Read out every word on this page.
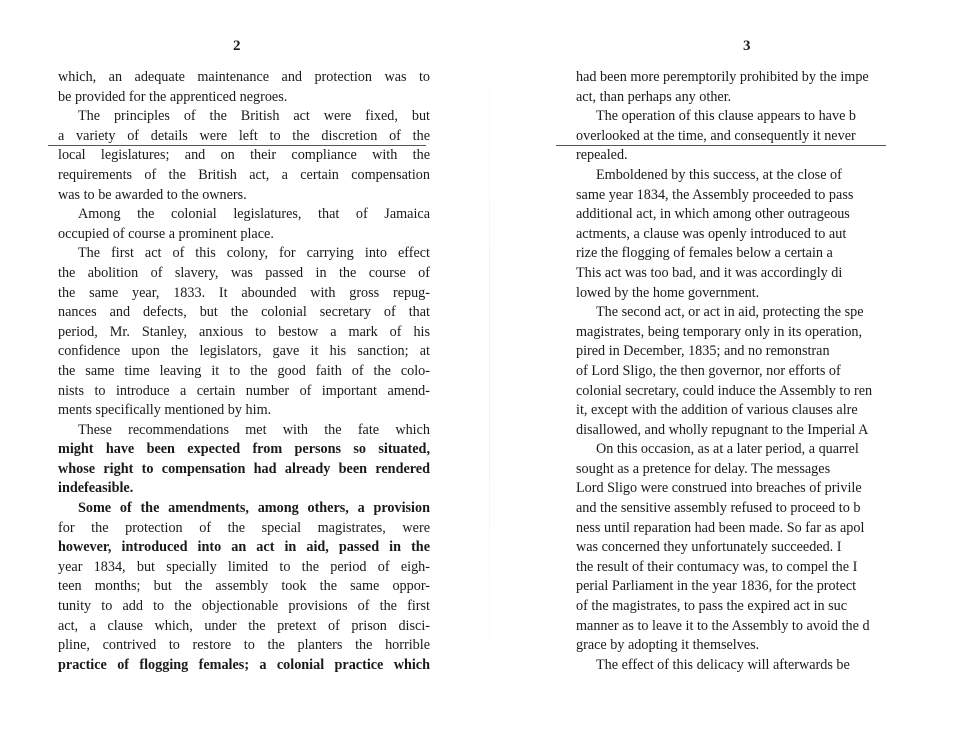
2
which, an adequate maintenance and protection was to
be provided for the apprenticed negroes.
The principles of the British act were fixed, but
a variety of details were left to the discretion of the
local legislatures; and on their compliance with the
requirements of the British act, a certain compensation
was to be awarded to the owners.
Among the colonial legislatures, that of Jamaica
occupied of course a prominent place.
The first act of this colony, for carrying into effect
the abolition of slavery, was passed in the course of
the same year, 1833. It abounded with gross repug-
nances and defects, but the colonial secretary of that
period, Mr. Stanley, anxious to bestow a mark of his
confidence upon the legislators, gave it his sanction; at
the same time leaving it to the good faith of the colo-
nists to introduce a certain number of important amend-
ments specifically mentioned by him.
These recommendations met with the fate which
might have been expected from persons so situated,
whose right to compensation had already been rendered
indefeasible.
Some of the amendments, among others, a provision
for the protection of the special magistrates, were
however, introduced into an act in aid, passed in the
year 1834, but specially limited to the period of eigh-
teen months; but the assembly took the same oppor-
tunity to add to the objectionable provisions of the first
act, a clause which, under the pretext of prison disci-
pline, contrived to restore to the planters the horrible
practice of flogging females; a colonial practice which
3
had been more peremptorily prohibited by the impe
act, than perhaps any other.
The operation of this clause appears to have b
overlooked at the time, and consequently it never
repealed.
Emboldened by this success, at the close of
same year 1834, the Assembly proceeded to pass
additional act, in which among other outrageous
actments, a clause was openly introduced to aut
rize the flogging of females below a certain a
This act was too bad, and it was accordingly di
lowed by the home government.
The second act, or act in aid, protecting the spe
magistrates, being temporary only in its operation,
pired in December, 1835; and no remonstran
of Lord Sligo, the then governor, nor efforts of
colonial secretary, could induce the Assembly to ren
it, except with the addition of various clauses alre
disallowed, and wholly repugnant to the Imperial A
On this occasion, as at a later period, a quarrel
sought as a pretence for delay. The messages
Lord Sligo were construed into breaches of privile
and the sensitive assembly refused to proceed to b
ness until reparation had been made. So far as apol
was concerned they unfortunately succeeded. I
the result of their contumacy was, to compel the I
perial Parliament in the year 1836, for the protect
of the magistrates, to pass the expired act in suc
manner as to leave it to the Assembly to avoid the d
grace by adopting it themselves.
The effect of this delicacy will afterwards be
